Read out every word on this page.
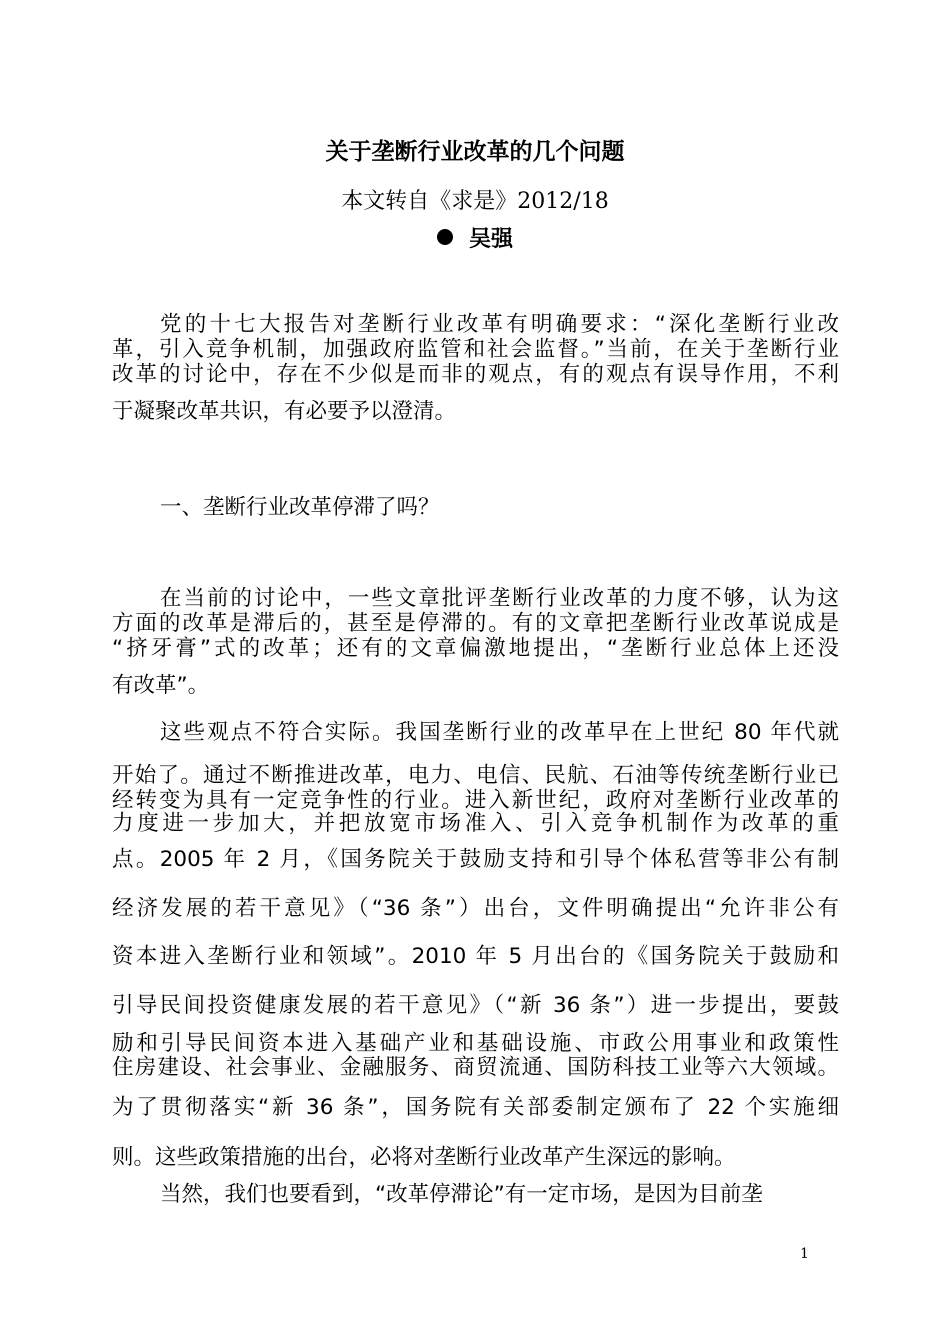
关于垄断行业改革的几个问题
本文转自《求是》2012/18
吴强
党的十七大报告对垄断行业改革有明确要求：“深化垄断行业改
革，引入竞争机制，加强政府监管和社会监督。”当前，在关于垄断行业
改革的讨论中，存在不少似是而非的观点，有的观点有误导作用，不利
于凝聚改革共识，有必要予以澄清。
一、垄断行业改革停滞了吗？
在当前的讨论中，一些文章批评垄断行业改革的力度不够，认为这
方面的改革是滞后的，甚至是停滞的。有的文章把垄断行业改革说成是
“挤牙膏”式的改革；还有的文章偏激地提出，“垄断行业总体上还没
有改革”。
这些观点不符合实际。我国垄断行业的改革早在上世纪 80 年代就
开始了。通过不断推进改革，电力、电信、民航、石油等传统垄断行业已
经转变为具有一定竞争性的行业。进入新世纪，政府对垄断行业改革的
力度进一步加大，并把放宽市场准入、引入竞争机制作为改革的重
点。2005 年 2 月，《国务院关于鼓励支持和引导个体私营等非公有制
经济发展的若干意见》（“36 条”）出台，文件明确提出“允许非公有
资本进入垄断行业和领域”。2010 年 5 月出台的《国务院关于鼓励和
引导民间投资健康发展的若干意见》（“新 36 条”）进一步提出，要鼓
励和引导民间资本进入基础产业和基础设施、市政公用事业和政策性
住房建设、社会事业、金融服务、商贸流通、国防科技工业等六大领域。
为了贯彻落实“新 36 条”，国务院有关部委制定颁布了 22 个实施细
则。这些政策措施的出台，必将对垄断行业改革产生深远的影响。
当然，我们也要看到，“改革停滞论”有一定市场，是因为目前垄
1
